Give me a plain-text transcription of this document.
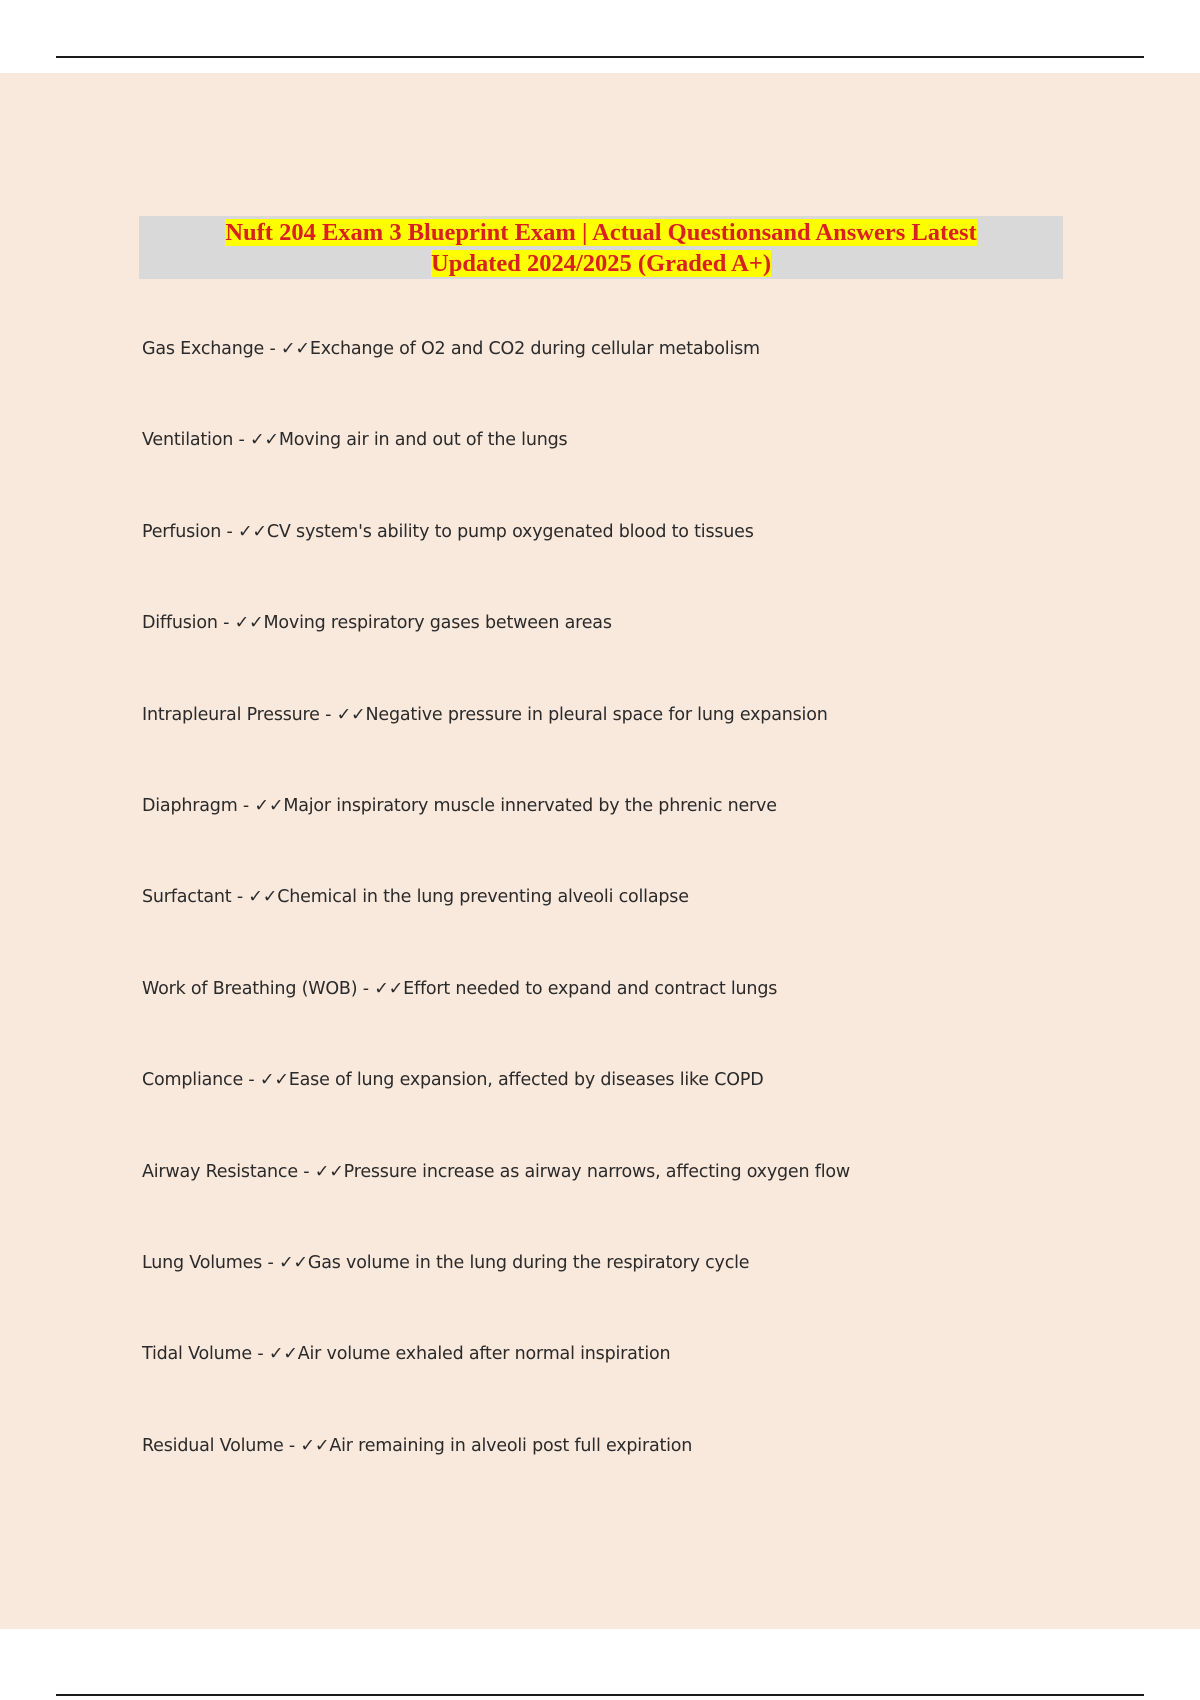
Nuft 204 Exam 3 Blueprint Exam | Actual Questionsand Answers Latest
Updated 2024/2025 (Graded A+)
Gas Exchange - ✓✓Exchange of O2 and CO2 during cellular metabolism
Ventilation - ✓✓Moving air in and out of the lungs
Perfusion - ✓✓CV system's ability to pump oxygenated blood to tissues
Diffusion - ✓✓Moving respiratory gases between areas
Intrapleural Pressure - ✓✓Negative pressure in pleural space for lung expansion
Diaphragm - ✓✓Major inspiratory muscle innervated by the phrenic nerve
Surfactant - ✓✓Chemical in the lung preventing alveoli collapse
Work of Breathing (WOB) - ✓✓Effort needed to expand and contract lungs
Compliance - ✓✓Ease of lung expansion, affected by diseases like COPD
Airway Resistance - ✓✓Pressure increase as airway narrows, affecting oxygen flow
Lung Volumes - ✓✓Gas volume in the lung during the respiratory cycle
Tidal Volume - ✓✓Air volume exhaled after normal inspiration
Residual Volume - ✓✓Air remaining in alveoli post full expiration
